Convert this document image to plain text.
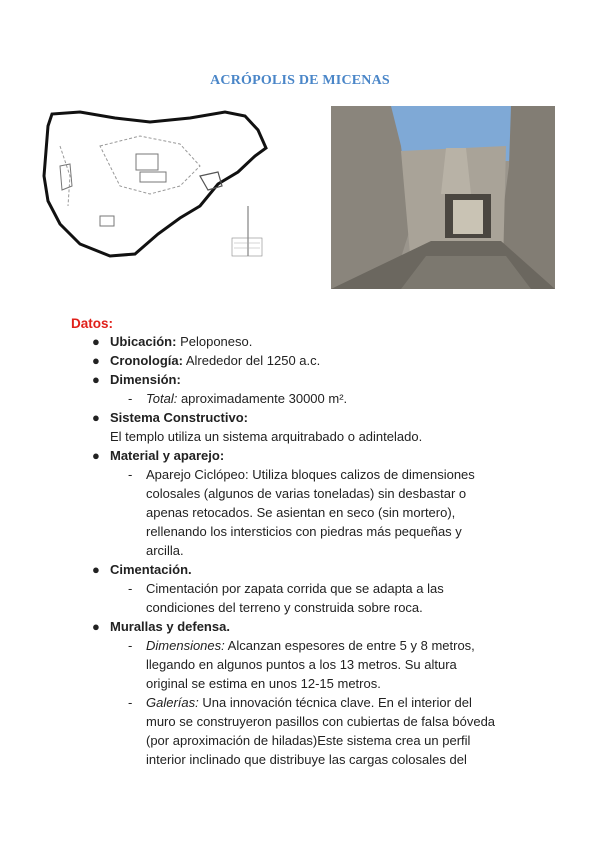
ACRÓPOLIS DE MICENAS
Datos:
● Ubicación: Peloponeso.
● Cronología: Alrededor del 1250 a.c.
● Dimensión:
- Total: aproximadamente 30000 m².
● Sistema Constructivo:
El templo utiliza un sistema arquitrabado o adintelado.
● Material y aparejo:
- Aparejo Ciclópeo: Utiliza bloques calizos de dimensiones
colosales (algunos de varias toneladas) sin desbastar o
apenas retocados. Se asientan en seco (sin mortero),
rellenando los intersticios con piedras más pequeñas y
arcilla.
● Cimentación.
- Cimentación por zapata corrida que se adapta a las
condiciones del terreno y construida sobre roca.
● Murallas y defensa.
- Dimensiones: Alcanzan espesores de entre 5 y 8 metros,
llegando en algunos puntos a los 13 metros. Su altura
original se estima en unos 12-15 metros.
- Galerías: Una innovación técnica clave. En el interior del
muro se construyeron pasillos con cubiertas de falsa bóveda
(por aproximación de hiladas)Este sistema crea un perfil
interior inclinado que distribuye las cargas colosales del
